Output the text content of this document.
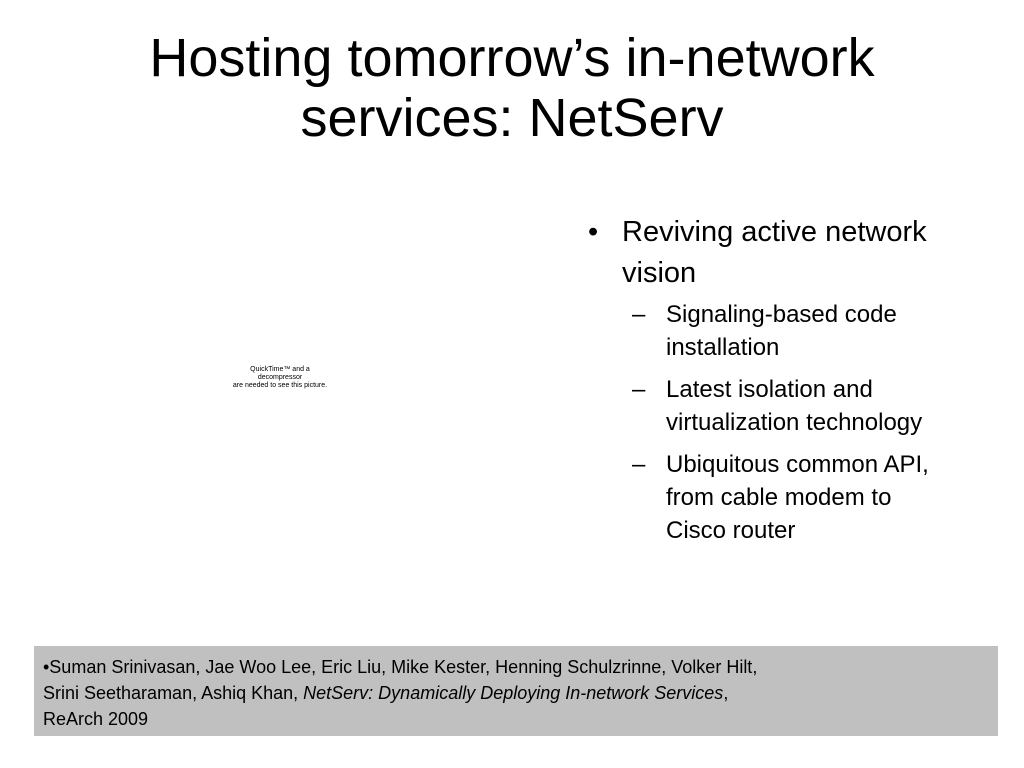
Hosting tomorrow’s in-network
services: NetServ
QuickTime™ and a
decompressor
are needed to see this picture.
• Reviving active network
vision
– Signaling-based code
installation
– Latest isolation and
virtualization technology
– Ubiquitous common API,
from cable modem to
Cisco router
•Suman Srinivasan, Jae Woo Lee, Eric Liu, Mike Kester, Henning Schulzrinne, Volker Hilt,
Srini Seetharaman, Ashiq Khan, NetServ: Dynamically Deploying In-network Services,
ReArch 2009
